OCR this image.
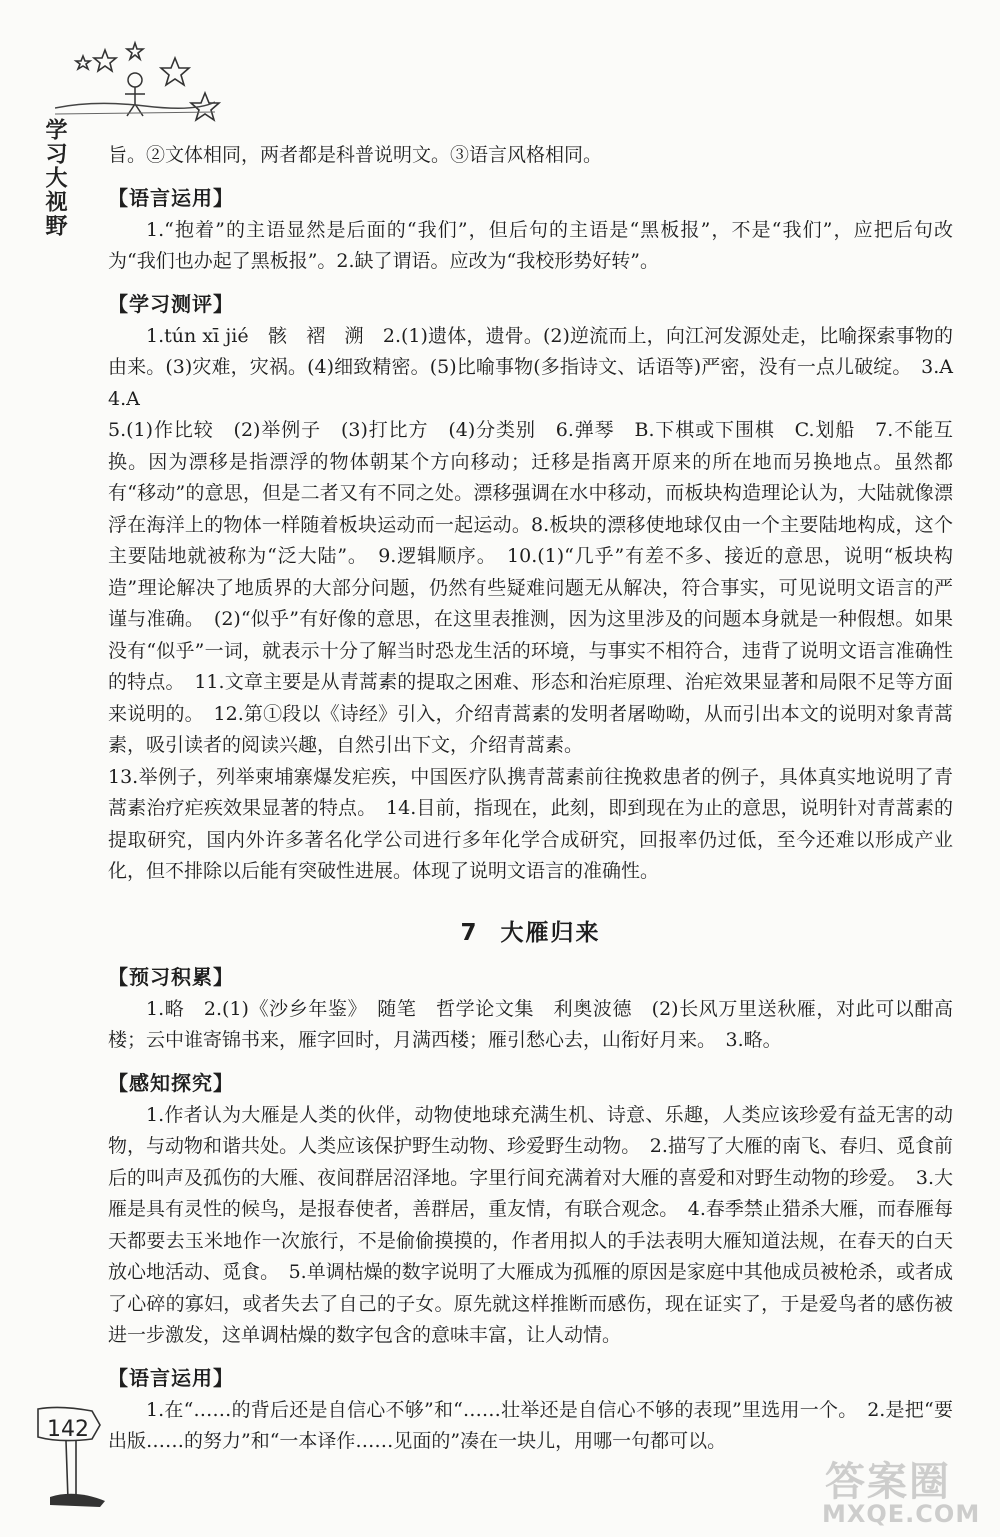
学习大视野 旨。②文体相同，两者都是科普说明文。③语言风格相同。

【语言运用】

1.“抱着”的主语显然是后面的“我们”，但后句的主语是“黑板报”，不是“我们”，应把后句改为“我们也办起了黑板报”。2.缺了谓语。应改为“我校形势好转”。

【学习测评】

1.tún xī jié　骸　褶　溯　2.(1)遗体，遗骨。(2)逆流而上，向江河发源处走，比喻探索事物的由来。(3)灾难，灾祸。(4)细致精密。(5)比喻事物(多指诗文、话语等)严密，没有一点儿破绽。　3.A　4.A

5.(1)作比较　(2)举例子　(3)打比方　(4)分类别　6.弹琴　B.下棋或下围棋　C.划船　7.不能互换。因为漂移是指漂浮的物体朝某个方向移动；迁移是指离开原来的所在地而另换地点。虽然都有“移动”的意思，但是二者又有不同之处。漂移强调在水中移动，而板块构造理论认为，大陆就像漂浮在海洋上的物体一样随着板块运动而一起运动。8.板块的漂移使地球仅由一个主要陆地构成，这个主要陆地就被称为“泛大陆”。　9.逻辑顺序。　10.(1)“几乎”有差不多、接近的意思，说明“板块构造”理论解决了地质界的大部分问题，仍然有些疑难问题无从解决，符合事实，可见说明文语言的严谨与准确。　(2)“似乎”有好像的意思，在这里表推测，因为这里涉及的问题本身就是一种假想。如果没有“似乎”一词，就表示十分了解当时恐龙生活的环境，与事实不相符合，违背了说明文语言准确性的特点。　11.文章主要是从青蒿素的提取之困难、形态和治疟原理、治疟效果显著和局限不足等方面来说明的。　12.第①段以《诗经》引入，介绍青蒿素的发明者屠呦呦，从而引出本文的说明对象青蒿素，吸引读者的阅读兴趣，自然引出下文，介绍青蒿素。

13.举例子，列举柬埔寨爆发疟疾，中国医疗队携青蒿素前往挽救患者的例子，具体真实地说明了青蒿素治疗疟疾效果显著的特点。　14.目前，指现在，此刻，即到现在为止的意思，说明针对青蒿素的提取研究，国内外许多著名化学公司进行多年化学合成研究，回报率仍过低，至今还难以形成产业化，但不排除以后能有突破性进展。体现了说明文语言的准确性。

7 大雁归来
【预习积累】

1.略　2.(1)《沙乡年鉴》　随笔　哲学论文集　利奥波德　(2)长风万里送秋雁，对此可以酣高楼；云中谁寄锦书来，雁字回时，月满西楼；雁引愁心去，山衔好月来。　3.略。

【感知探究】

1.作者认为大雁是人类的伙伴，动物使地球充满生机、诗意、乐趣，人类应该珍爱有益无害的动物，与动物和谐共处。人类应该保护野生动物、珍爱野生动物。　2.描写了大雁的南飞、春归、觅食前后的叫声及孤伤的大雁、夜间群居沼泽地。字里行间充满着对大雁的喜爱和对野生动物的珍爱。　3.大雁是具有灵性的候鸟，是报春使者，善群居，重友情，有联合观念。　4.春季禁止猎杀大雁，而春雁每天都要去玉米地作一次旅行，不是偷偷摸摸的，作者用拟人的手法表明大雁知道法规，在春天的白天放心地活动、觅食。　5.单调枯燥的数字说明了大雁成为孤雁的原因是家庭中其他成员被枪杀，或者成了心碎的寡妇，或者失去了自己的子女。原先就这样推断而感伤，现在证实了，于是爱鸟者的感伤被进一步激发，这单调枯燥的数字包含的意味丰富，让人动情。

【语言运用】

1.在“……的背后还是自信心不够”和“……壮举还是自信心不够的表现”里选用一个。　2.是把“要出版……的努力”和“一本译作……见面的”凑在一块儿，用哪一句都可以。

142
答案圈
MXQE.COM
